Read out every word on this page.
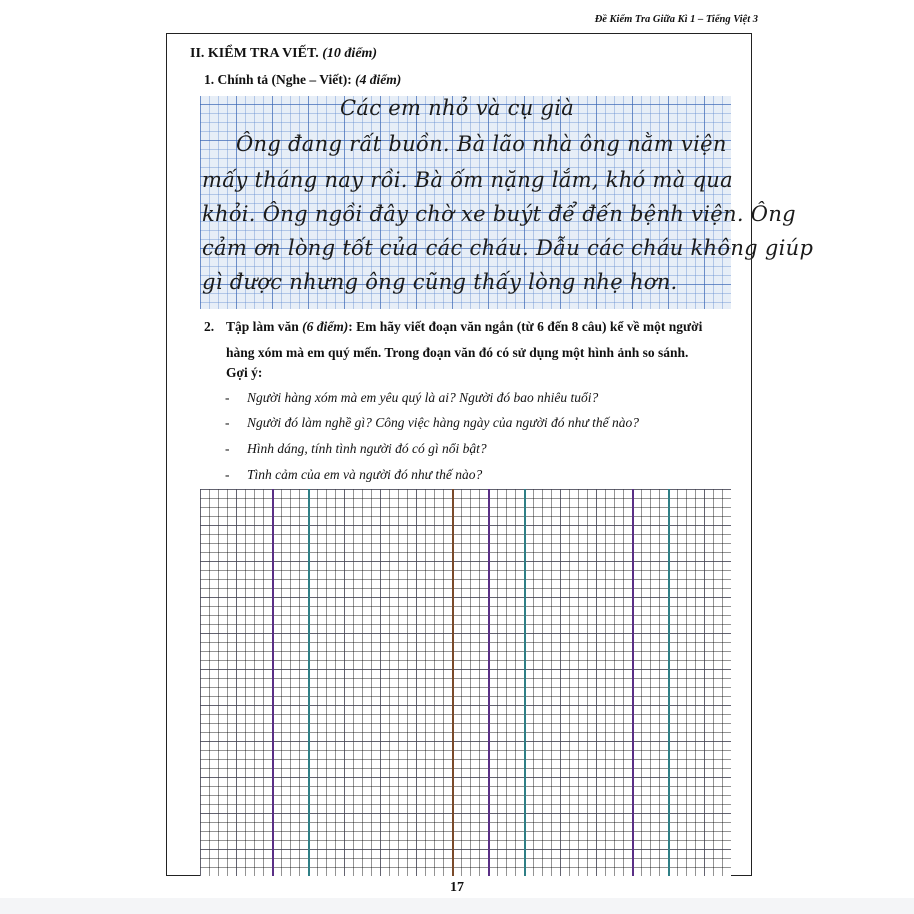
Đề Kiểm Tra Giữa Kì 1 – Tiếng Việt 3
II. KIỂM TRA VIẾT. (10 điểm)
1. Chính tả (Nghe – Viết): (4 điểm)
Các em nhỏ và cụ già
Ông đang rất buồn. Bà lão nhà ông nằm viện
mấy tháng nay rồi. Bà ốm nặng lắm, khó mà qua
khỏi. Ông ngồi đây chờ xe buýt để đến bệnh viện. Ông
cảm ơn lòng tốt của các cháu. Dẫu các cháu không giúp
gì được nhưng ông cũng thấy lòng nhẹ hơn.
2. Tập làm văn (6 điểm): Em hãy viết đoạn văn ngắn (từ 6 đến 8 câu) kể về một người hàng xóm mà em quý mến. Trong đoạn văn đó có sử dụng một hình ảnh so sánh.
Gợi ý:
- Người hàng xóm mà em yêu quý là ai? Người đó bao nhiêu tuổi?
- Người đó làm nghề gì? Công việc hàng ngày của người đó như thế nào?
- Hình dáng, tính tình người đó có gì nổi bật?
- Tình cảm của em và người đó như thế nào?
17
